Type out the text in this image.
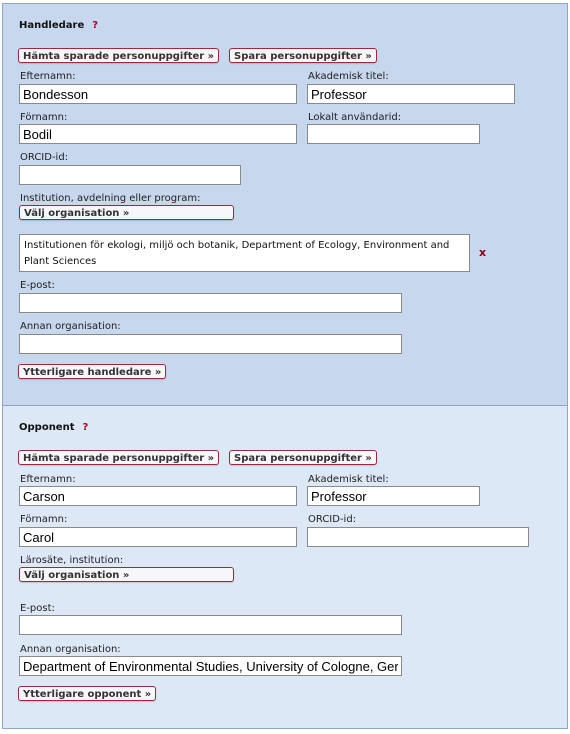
Handledare ?
Hämta sparade personuppgifter »	Spara personuppgifter »
Efternamn:
Bondesson	Akademisk titel:
Professor
Förnamn:
Bodil	Lokalt användarid:
ORCID-id:
Institution, avdelning eller program:
Välj organisation »
Institutionen för ekologi, miljö och botanik, Department of Ecology, Environment and Plant Sciences
x
E-post:
Annan organisation:
Ytterligare handledare »
Opponent ?
Hämta sparade personuppgifter »	Spara personuppgifter »
Efternamn:
Carson	Akademisk titel:
Professor
Förnamn:
Carol	ORCID-id:
Lärosäte, institution:
Välj organisation »
E-post:
Annan organisation:
Department of Environmental Studies, University of Cologne, Germany
Ytterligare opponent »
